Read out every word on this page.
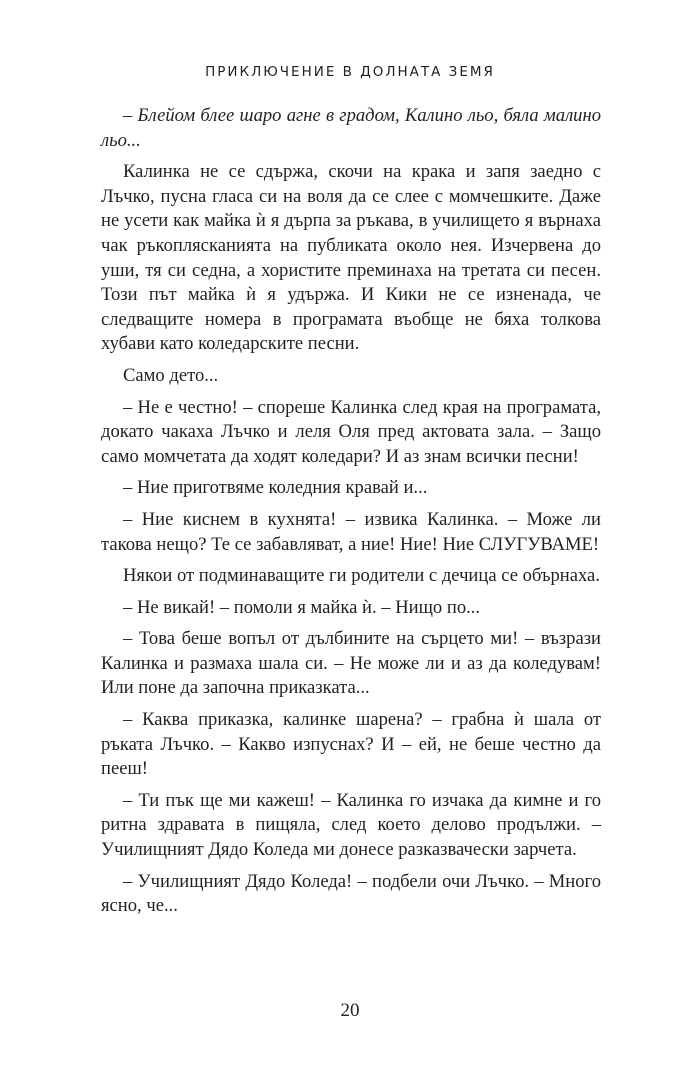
ПРИКЛЮЧЕНИЕ В ДОЛНАТА ЗЕМЯ

– Блейом блее шаро агне в градом, Калино льо, бяла малино льо...

Калинка не се сдържа, скочи на крака и запя заедно с Лъчко, пусна гласа си на воля да се слее с момчешките. Даже не усети как майка ѝ я дърпа за ръкава, в училището я върнаха чак ръкоплясканията на публиката около нея. Изчервена до уши, тя си седна, а хористите преминаха на третата си песен. Този път майка ѝ я удържа. И Кики не се изненада, че следващите номера в програмата въобще не бяха толкова хубави като коледарските песни.

Само дето...

– Не е честно! – спореше Калинка след края на програмата, докато чакаха Лъчко и леля Оля пред актовата зала. – Защо само момчетата да ходят коледари? И аз знам всички песни!

– Ние приготвяме коледния кравай и...

– Ние киснем в кухнята! – извика Калинка. – Може ли такова нещо? Те се забавляват, а ние! Ние! Ние СЛУГУВАМЕ!

Някои от подминаващите ги родители с дечица се обърнаха.

– Не викай! – помоли я майка ѝ. – Нищо по...

– Това беше вопъл от дълбините на сърцето ми! – възрази Калинка и размаха шала си. – Не може ли и аз да коледувам! Или поне да започна приказката...

– Каква приказка, калинке шарена? – грабна ѝ шала от ръката Лъчко. – Какво изпуснах? И – ей, не беше честно да пееш!

– Ти пък ще ми кажеш! – Калинка го изчака да кимне и го ритна здравата в пищяла, след което делово продължи. – Училищният Дядо Коледа ми донесе разказвачески зарчета.

– Училищният Дядо Коледа! – подбели очи Лъчко. – Много ясно, че...

20
